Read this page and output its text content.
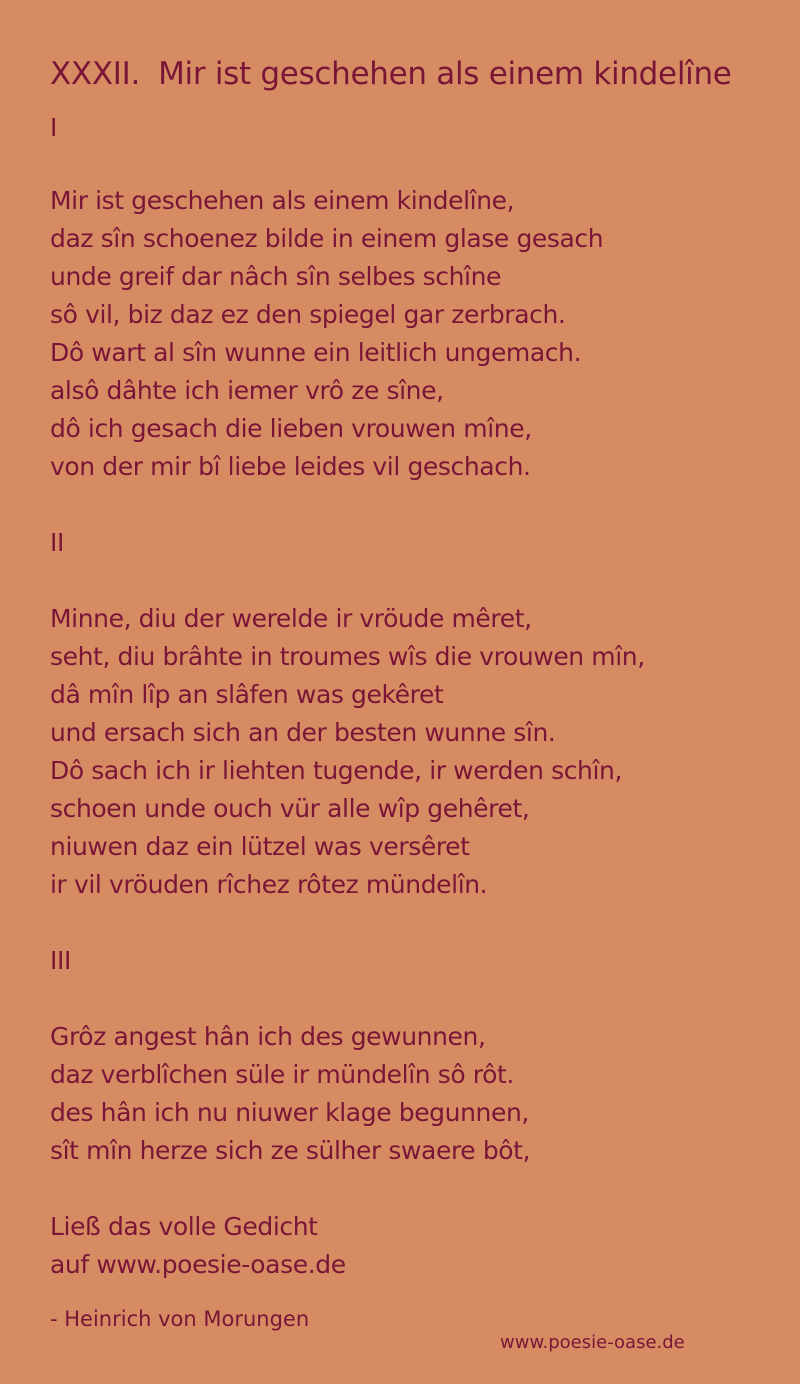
XXXII. Mir ist geschehen als einem kindelîne
I
Mir ist geschehen als einem kindelîne,
daz sîn schoenez bilde in einem glase gesach
unde greif dar nâch sîn selbes schîne
sô vil, biz daz ez den spiegel gar zerbrach.
Dô wart al sîn wunne ein leitlich ungemach.
alsô dâhte ich iemer vrô ze sîne,
dô ich gesach die lieben vrouwen mîne,
von der mir bî liebe leides vil geschach.
II
Minne, diu der werelde ir vröude mêret,
seht, diu brâhte in troumes wîs die vrouwen mîn,
dâ mîn lîp an slâfen was gekêret
und ersach sich an der besten wunne sîn.
Dô sach ich ir liehten tugende, ir werden schîn,
schoen unde ouch vür alle wîp gehêret,
niuwen daz ein lützel was versêret
ir vil vröuden rîchez rôtez mündelîn.
III
Grôz angest hân ich des gewunnen,
daz verblîchen süle ir mündelîn sô rôt.
des hân ich nu niuwer klage begunnen,
sît mîn herze sich ze sülher swaere bôt,
Ließ das volle Gedicht
auf www.poesie-oase.de
- Heinrich von Morungen
www.poesie-oase.de
